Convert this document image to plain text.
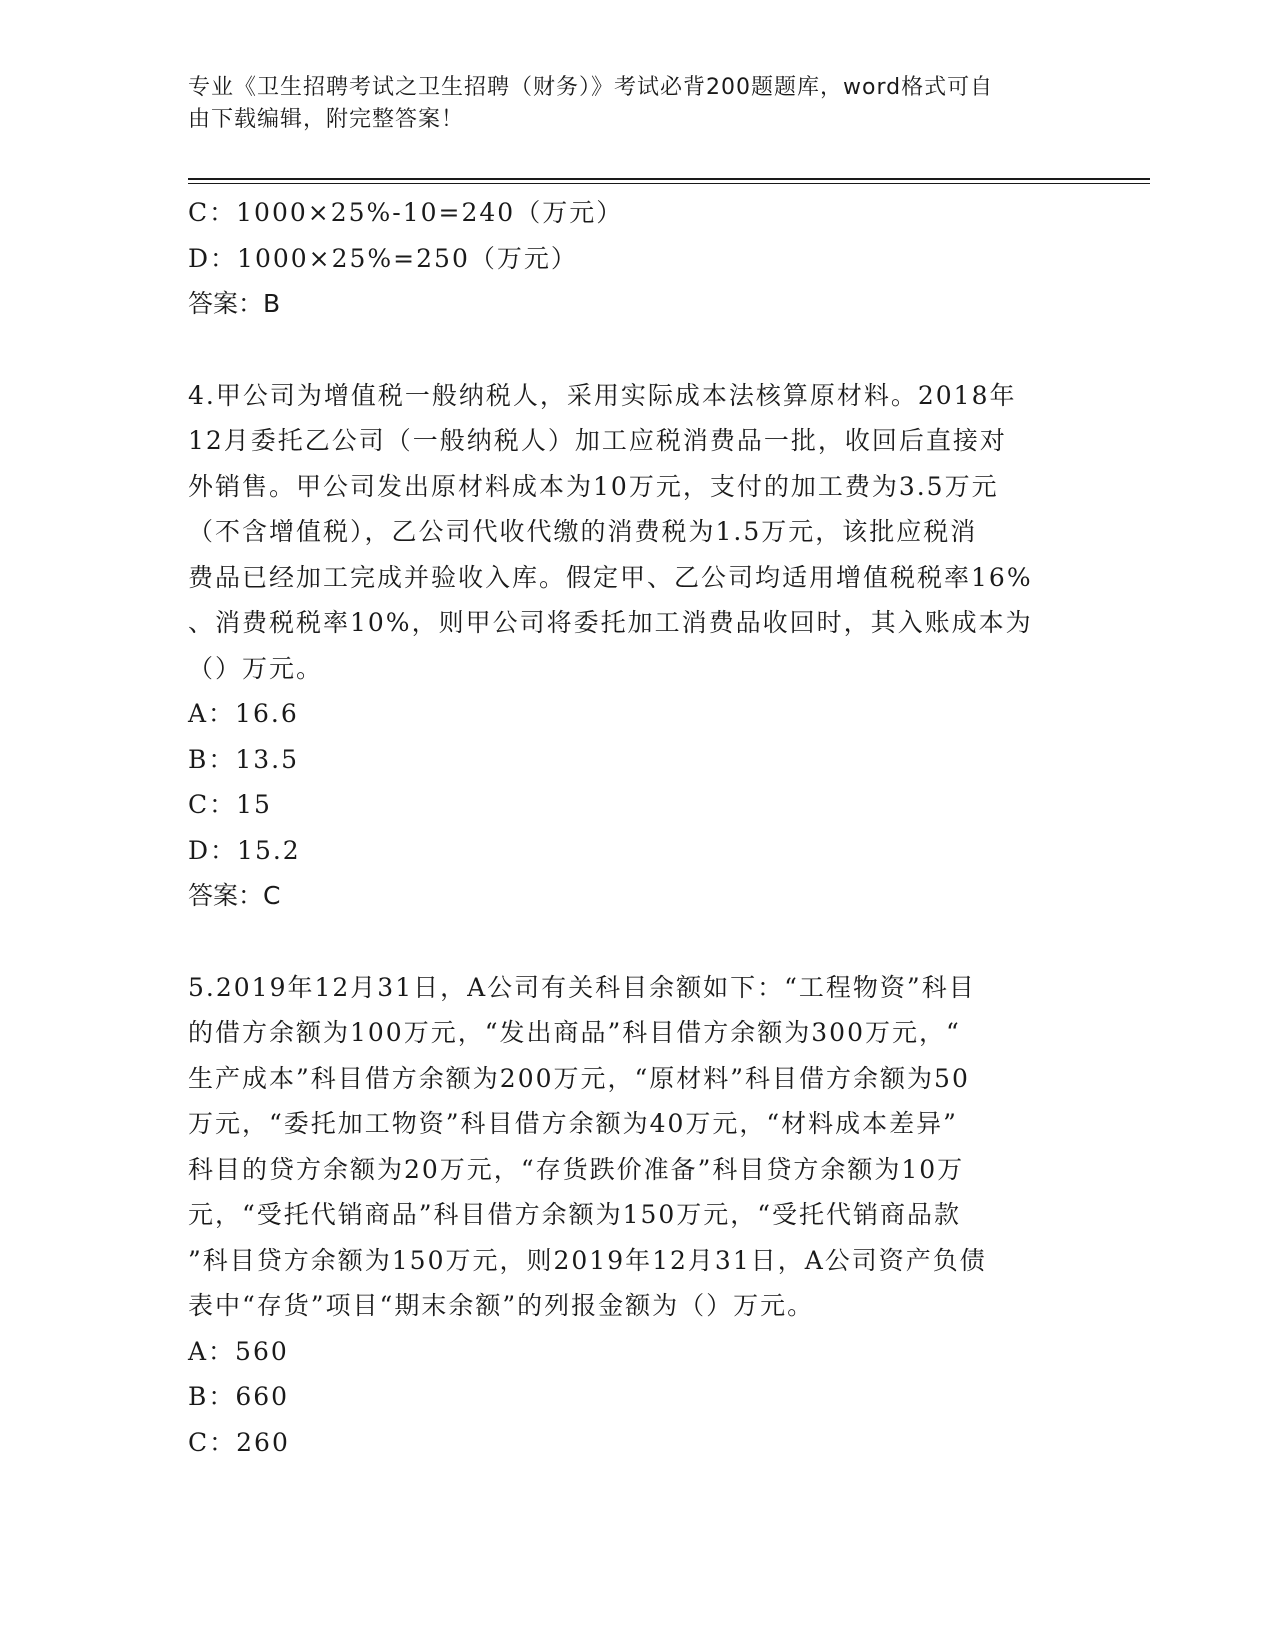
专业《卫生招聘考试之卫生招聘（财务）》考试必背200题题库，word格式可自
由下载编辑，附完整答案！
C：1000×25%-10=240（万元）
D：1000×25%=250（万元）
答案：B
4.甲公司为增值税一般纳税人，采用实际成本法核算原材料。2018年
12月委托乙公司（一般纳税人）加工应税消费品一批，收回后直接对
外销售。甲公司发出原材料成本为10万元，支付的加工费为3.5万元
（不含增值税），乙公司代收代缴的消费税为1.5万元，该批应税消
费品已经加工完成并验收入库。假定甲、乙公司均适用增值税税率16%
、消费税税率10%，则甲公司将委托加工消费品收回时，其入账成本为
（）万元。
A：16.6
B：13.5
C：15
D：15.2
答案：C
5.2019年12月31日，A公司有关科目余额如下：“工程物资”科目
的借方余额为100万元，“发出商品”科目借方余额为300万元，“
生产成本”科目借方余额为200万元，“原材料”科目借方余额为50
万元，“委托加工物资”科目借方余额为40万元，“材料成本差异”
科目的贷方余额为20万元，“存货跌价准备”科目贷方余额为10万
元，“受托代销商品”科目借方余额为150万元，“受托代销商品款
”科目贷方余额为150万元，则2019年12月31日，A公司资产负债
表中“存货”项目“期末余额”的列报金额为（）万元。
A：560
B：660
C：260
